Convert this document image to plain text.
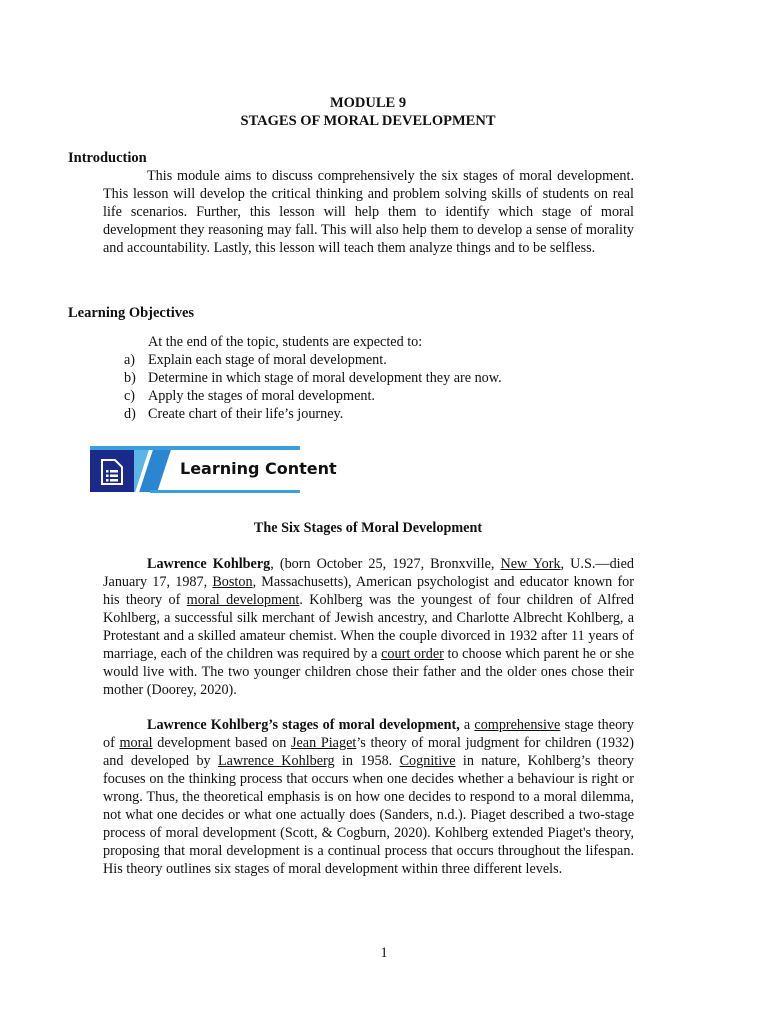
MODULE 9
STAGES OF MORAL DEVELOPMENT
Introduction

This module aims to discuss comprehensively the six stages of moral development. This lesson will develop the critical thinking and problem solving skills of students on real life scenarios. Further, this lesson will help them to identify which stage of moral development they reasoning may fall. This will also help them to develop a sense of morality and accountability. Lastly, this lesson will teach them analyze things and to be selfless.

Learning Objectives

At the end of the topic, students are expected to:

a) Explain each stage of moral development.
b) Determine in which stage of moral development they are now.
c) Apply the stages of moral development.
d) Create chart of their life’s journey.
Learning Content
The Six Stages of Moral Development

Lawrence Kohlberg, (born October 25, 1927, Bronxville, New York, U.S.—died January 17, 1987, Boston, Massachusetts), American psychologist and educator known for his theory of moral development. Kohlberg was the youngest of four children of Alfred Kohlberg, a successful silk merchant of Jewish ancestry, and Charlotte Albrecht Kohlberg, a Protestant and a skilled amateur chemist. When the couple divorced in 1932 after 11 years of marriage, each of the children was required by a court order to choose which parent he or she would live with. The two younger children chose their father and the older ones chose their mother (Doorey, 2020).

Lawrence Kohlberg’s stages of moral development, a comprehensive stage theory of moral development based on Jean Piaget’s theory of moral judgment for children (1932) and developed by Lawrence Kohlberg in 1958. Cognitive in nature, Kohlberg’s theory focuses on the thinking process that occurs when one decides whether a behaviour is right or wrong. Thus, the theoretical emphasis is on how one decides to respond to a moral dilemma, not what one decides or what one actually does (Sanders, n.d.). Piaget described a two-stage process of moral development (Scott, & Cogburn, 2020). Kohlberg extended Piaget's theory, proposing that moral development is a continual process that occurs throughout the lifespan. His theory outlines six stages of moral development within three different levels.

1
